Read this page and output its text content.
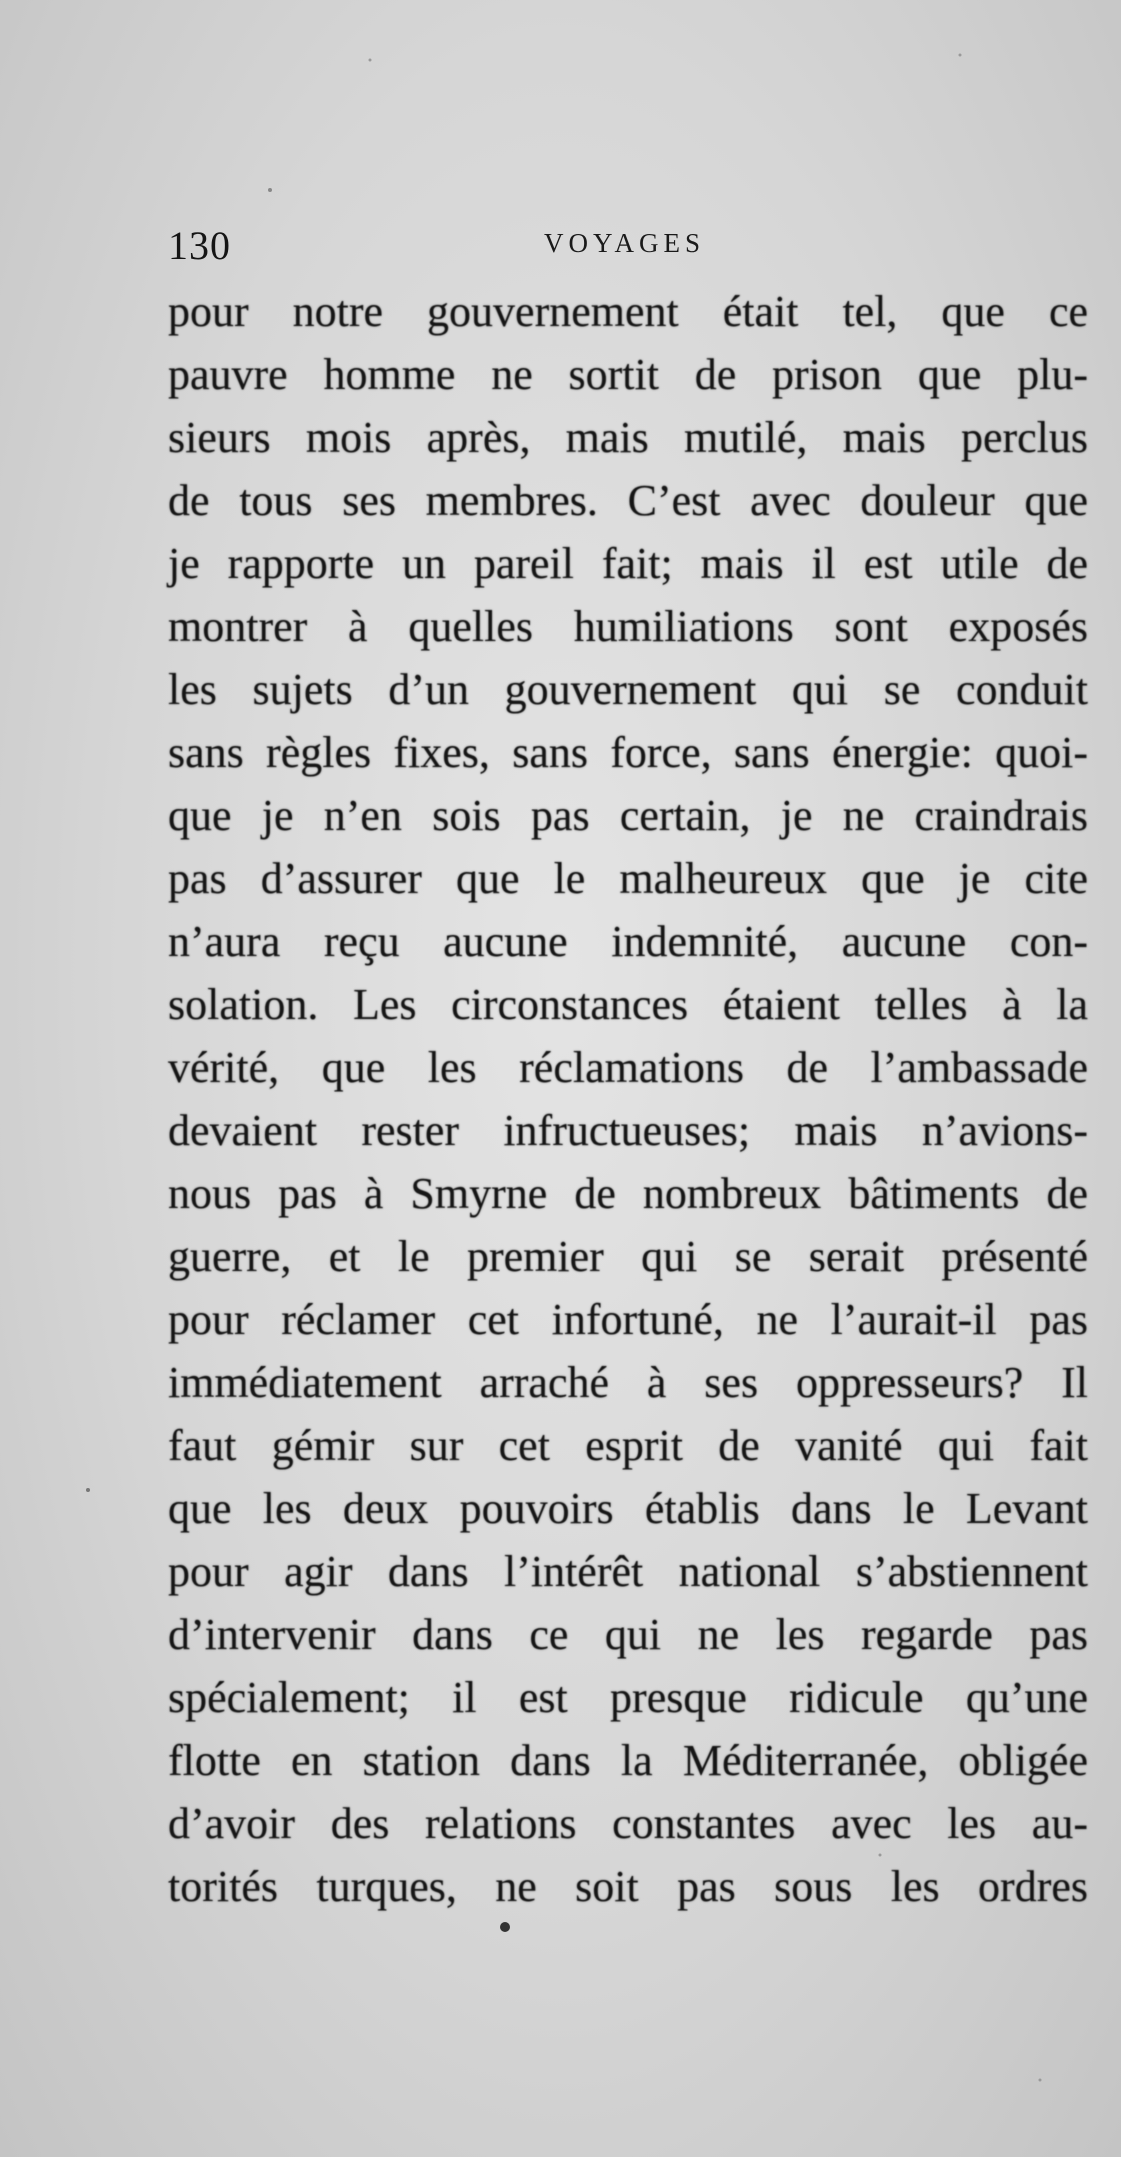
130	VOYAGES
pour notre gouvernement était tel, que ce
pauvre homme ne sortit de prison que plu-
sieurs mois après, mais mutilé, mais perclus
de tous ses membres. C’est avec douleur que
je rapporte un pareil fait; mais il est utile de
montrer à quelles humiliations sont exposés
les sujets d’un gouvernement qui se conduit
sans règles fixes, sans force, sans énergie: quoi-
que je n’en sois pas certain, je ne craindrais
pas d’assurer que le malheureux que je cite
n’aura reçu aucune indemnité, aucune con-
solation. Les circonstances étaient telles à la
vérité, que les réclamations de l’ambassade
devaient rester infructueuses; mais n’avions-
nous pas à Smyrne de nombreux bâtiments de
guerre, et le premier qui se serait présenté
pour réclamer cet infortuné, ne l’aurait-il pas
immédiatement arraché à ses oppresseurs? Il
faut gémir sur cet esprit de vanité qui fait
que les deux pouvoirs établis dans le Levant
pour agir dans l’intérêt national s’abstiennent
d’intervenir dans ce qui ne les regarde pas
spécialement; il est presque ridicule qu’une
flotte en station dans la Méditerranée, obligée
d’avoir des relations constantes avec les au-
torités turques, ne soit pas sous les ordres
